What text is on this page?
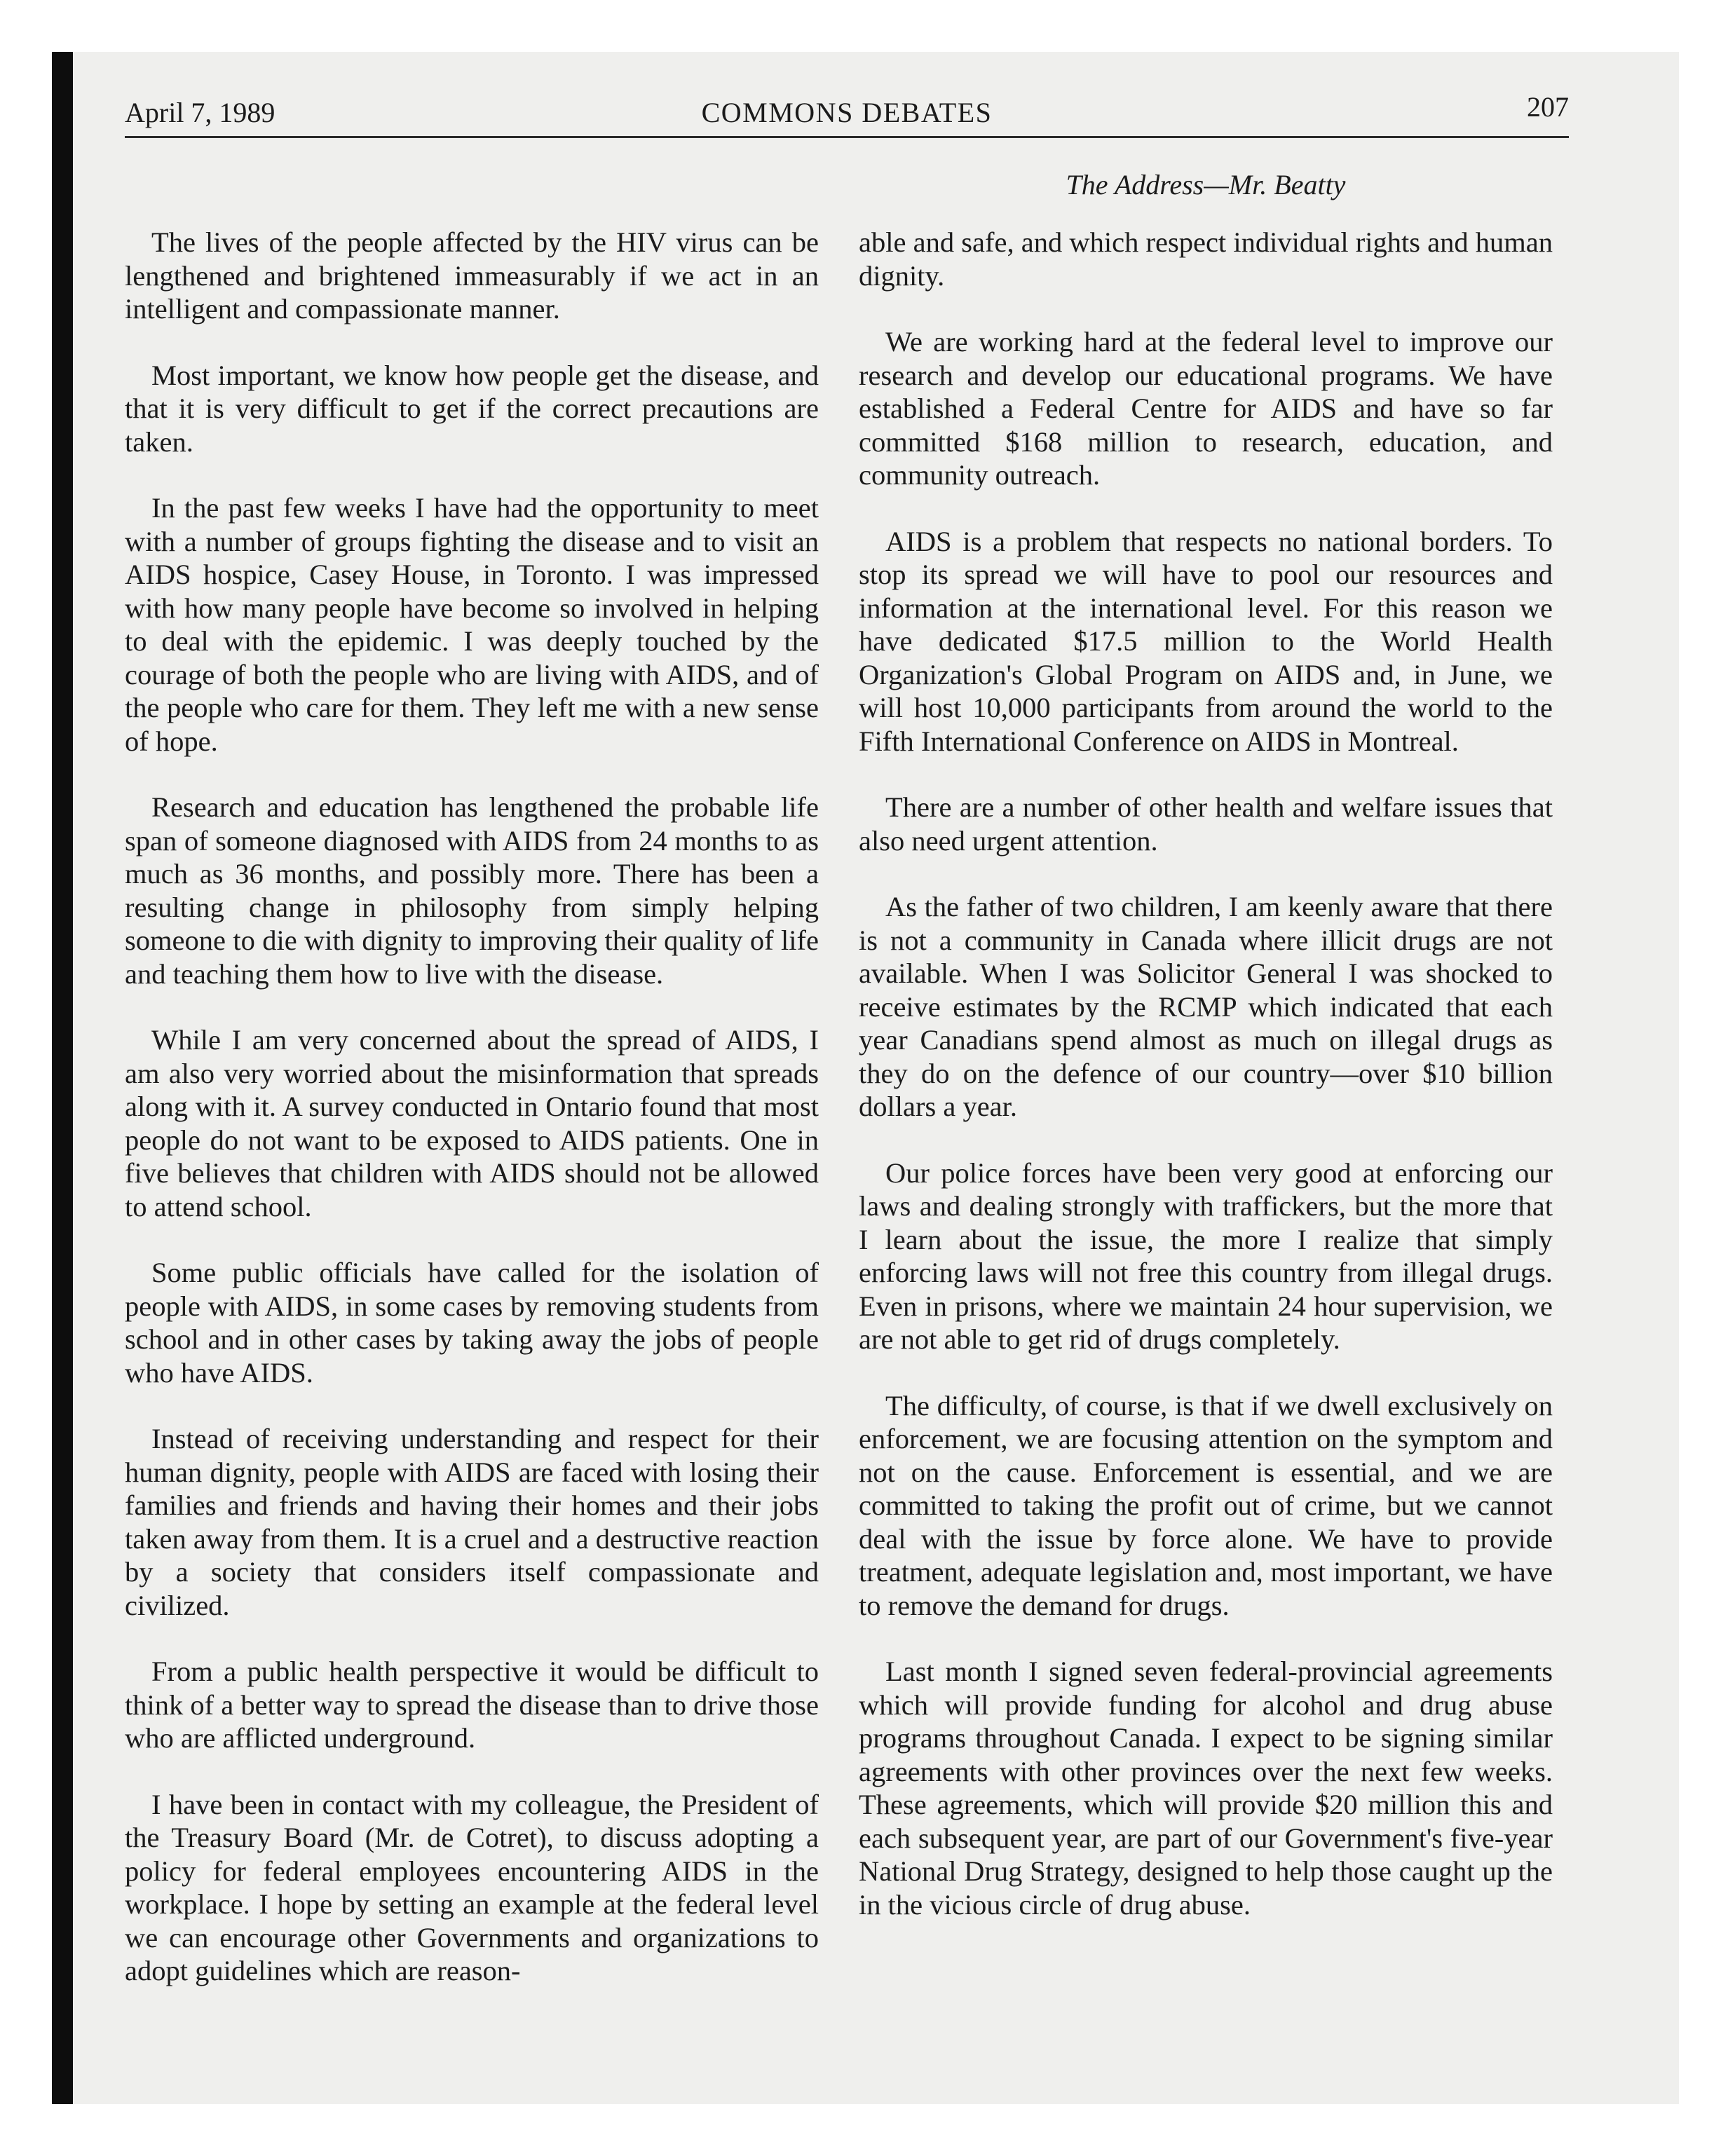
April 7, 1989	COMMONS DEBATES	207
The Address—Mr. Beatty

The lives of the people affected by the HIV virus can be lengthened and brightened immeasurably if we act in an intelligent and compassionate manner.

Most important, we know how people get the disease, and that it is very difficult to get if the correct precautions are taken.

In the past few weeks I have had the opportunity to meet with a number of groups fighting the disease and to visit an AIDS hospice, Casey House, in Toronto. I was impressed with how many people have become so involved in helping to deal with the epidemic. I was deeply touched by the courage of both the people who are living with AIDS, and of the people who care for them. They left me with a new sense of hope.

Research and education has lengthened the probable life span of someone diagnosed with AIDS from 24 months to as much as 36 months, and possibly more. There has been a resulting change in philosophy from simply helping someone to die with dignity to improving their quality of life and teaching them how to live with the disease.

While I am very concerned about the spread of AIDS, I am also very worried about the misinformation that spreads along with it. A survey conducted in Ontario found that most people do not want to be exposed to AIDS patients. One in five believes that children with AIDS should not be allowed to attend school.

Some public officials have called for the isolation of people with AIDS, in some cases by removing students from school and in other cases by taking away the jobs of people who have AIDS.

Instead of receiving understanding and respect for their human dignity, people with AIDS are faced with losing their families and friends and having their homes and their jobs taken away from them. It is a cruel and a destructive reaction by a society that considers itself compassionate and civilized.

From a public health perspective it would be difficult to think of a better way to spread the disease than to drive those who are afflicted underground.

I have been in contact with my colleague, the President of the Treasury Board (Mr. de Cotret), to discuss adopting a policy for federal employees encountering AIDS in the workplace. I hope by setting an example at the federal level we can encourage other Governments and organizations to adopt guidelines which are reason-

able and safe, and which respect individual rights and human dignity.

We are working hard at the federal level to improve our research and develop our educational programs. We have established a Federal Centre for AIDS and have so far committed $168 million to research, education, and community outreach.

AIDS is a problem that respects no national borders. To stop its spread we will have to pool our resources and information at the international level. For this reason we have dedicated $17.5 million to the World Health Organization's Global Program on AIDS and, in June, we will host 10,000 participants from around the world to the Fifth International Conference on AIDS in Montreal.

There are a number of other health and welfare issues that also need urgent attention.

As the father of two children, I am keenly aware that there is not a community in Canada where illicit drugs are not available. When I was Solicitor General I was shocked to receive estimates by the RCMP which indicated that each year Canadians spend almost as much on illegal drugs as they do on the defence of our country—over $10 billion dollars a year.

Our police forces have been very good at enforcing our laws and dealing strongly with traffickers, but the more that I learn about the issue, the more I realize that simply enforcing laws will not free this country from illegal drugs. Even in prisons, where we maintain 24 hour supervision, we are not able to get rid of drugs completely.

The difficulty, of course, is that if we dwell exclusively on enforcement, we are focusing attention on the symptom and not on the cause. Enforcement is essential, and we are committed to taking the profit out of crime, but we cannot deal with the issue by force alone. We have to provide treatment, adequate legislation and, most important, we have to remove the demand for drugs.

Last month I signed seven federal-provincial agreements which will provide funding for alcohol and drug abuse programs throughout Canada. I expect to be signing similar agreements with other provinces over the next few weeks. These agreements, which will provide $20 million this and each subsequent year, are part of our Government's five-year National Drug Strategy, designed to help those caught up the in the vicious circle of drug abuse.
